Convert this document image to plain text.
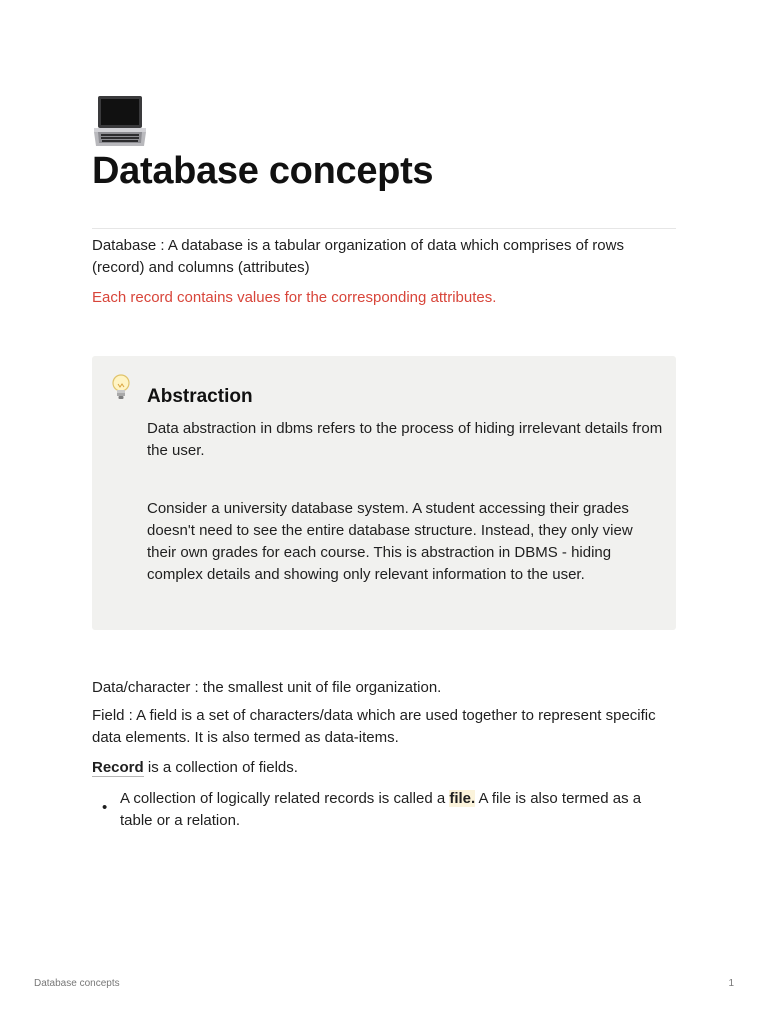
Database concepts

Database : A database is a tabular organization of data which comprises of rows (record) and columns (attributes)

Each record contains values for the corresponding attributes.

Abstraction

Data abstraction in dbms refers to the process of hiding irrelevant details from the user.

Consider a university database system. A student accessing their grades doesn't need to see the entire database structure. Instead, they only view their own grades for each course. This is abstraction in DBMS - hiding complex details and showing only relevant information to the user.

Data/character : the smallest unit of file organization.

Field : A field is a set of characters/data which are used together to represent specific data elements. It is also termed as data-items.

Record is a collection of fields.

•

A collection of logically related records is called a file. A file is also termed as a table or a relation.

Database concepts	1
